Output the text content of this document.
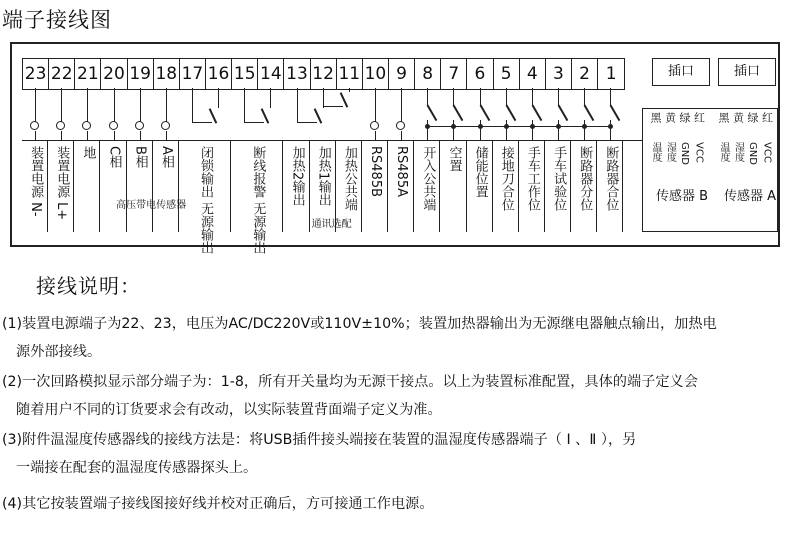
端子接线图
23 22 21 20 19 18 17 16 15 14 13 12 11 10 9 8 7 6 5 4 3 2 1	插口	插口
装置电源 N- 装置电源 L+ 地 C相 B相 A相 闭锁输出 无源输出	断线报警 无源输出 加热2输出 加热1输出 加热公共端 RS485B RS485A 开入公共端 空置 储能位置 接地刀合位 手车工作位 手车试验位 断路器分位 断路器合位
高压带电传感器
通讯选配
黑
温度
黄
湿度
绿
GND
红
VCC
传感器 B
黑
温度
黄
湿度
绿
GND
红
VCC
传感器 A
接线说明：
(1)装置电源端子为22、23，电压为AC/DC220V或110V±10%；装置加热器输出为无源继电器触点输出，加热电
源外部接线。
(2)一次回路模拟显示部分端子为：1-8，所有开关量均为无源干接点。以上为装置标准配置，具体的端子定义会
随着用户不同的订货要求会有改动，以实际装置背面端子定义为准。
(3)附件温湿度传感器线的接线方法是：将USB插件接头端接在装置的温湿度传感器端子（ Ⅰ 、Ⅱ ），另
一端接在配套的温湿度传感器探头上。
(4)其它按装置端子接线图接好线并校对正确后，方可接通工作电源。
